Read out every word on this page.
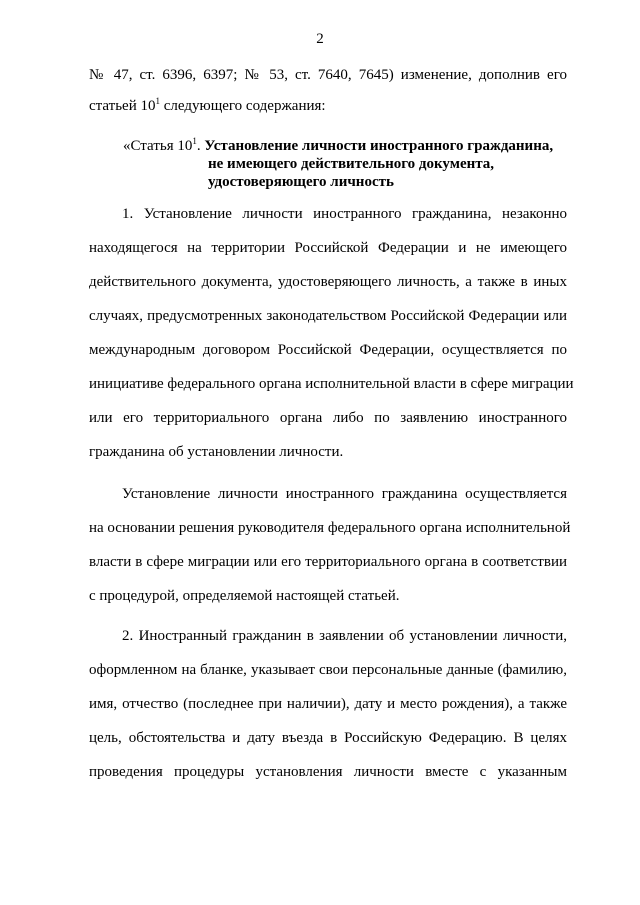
2
№ 47, ст. 6396, 6397; № 53, ст. 7640, 7645) изменение, дополнив его
статьей $10^1$ следующего содержания:
«Статья $10^1$. Установление личности иностранного гражданина,
не имеющего действительного документа,
удостоверяющего личность
1. Установление личности иностранного гражданина, незаконно
находящегося на территории Российской Федерации и не имеющего
действительного документа, удостоверяющего личность, а также в иных
случаях, предусмотренных законодательством Российской Федерации или
международным договором Российской Федерации, осуществляется по
инициативе федерального органа исполнительной власти в сфере миграции
или его территориального органа либо по заявлению иностранного
гражданина об установлении личности.
Установление личности иностранного гражданина осуществляется
на основании решения руководителя федерального органа исполнительной
власти в сфере миграции или его территориального органа в соответствии
с процедурой, определяемой настоящей статьей.
2. Иностранный гражданин в заявлении об установлении личности,
оформленном на бланке, указывает свои персональные данные (фамилию,
имя, отчество (последнее при наличии), дату и место рождения), а также
цель, обстоятельства и дату въезда в Российскую Федерацию. В целях
проведения процедуры установления личности вместе с указанным
